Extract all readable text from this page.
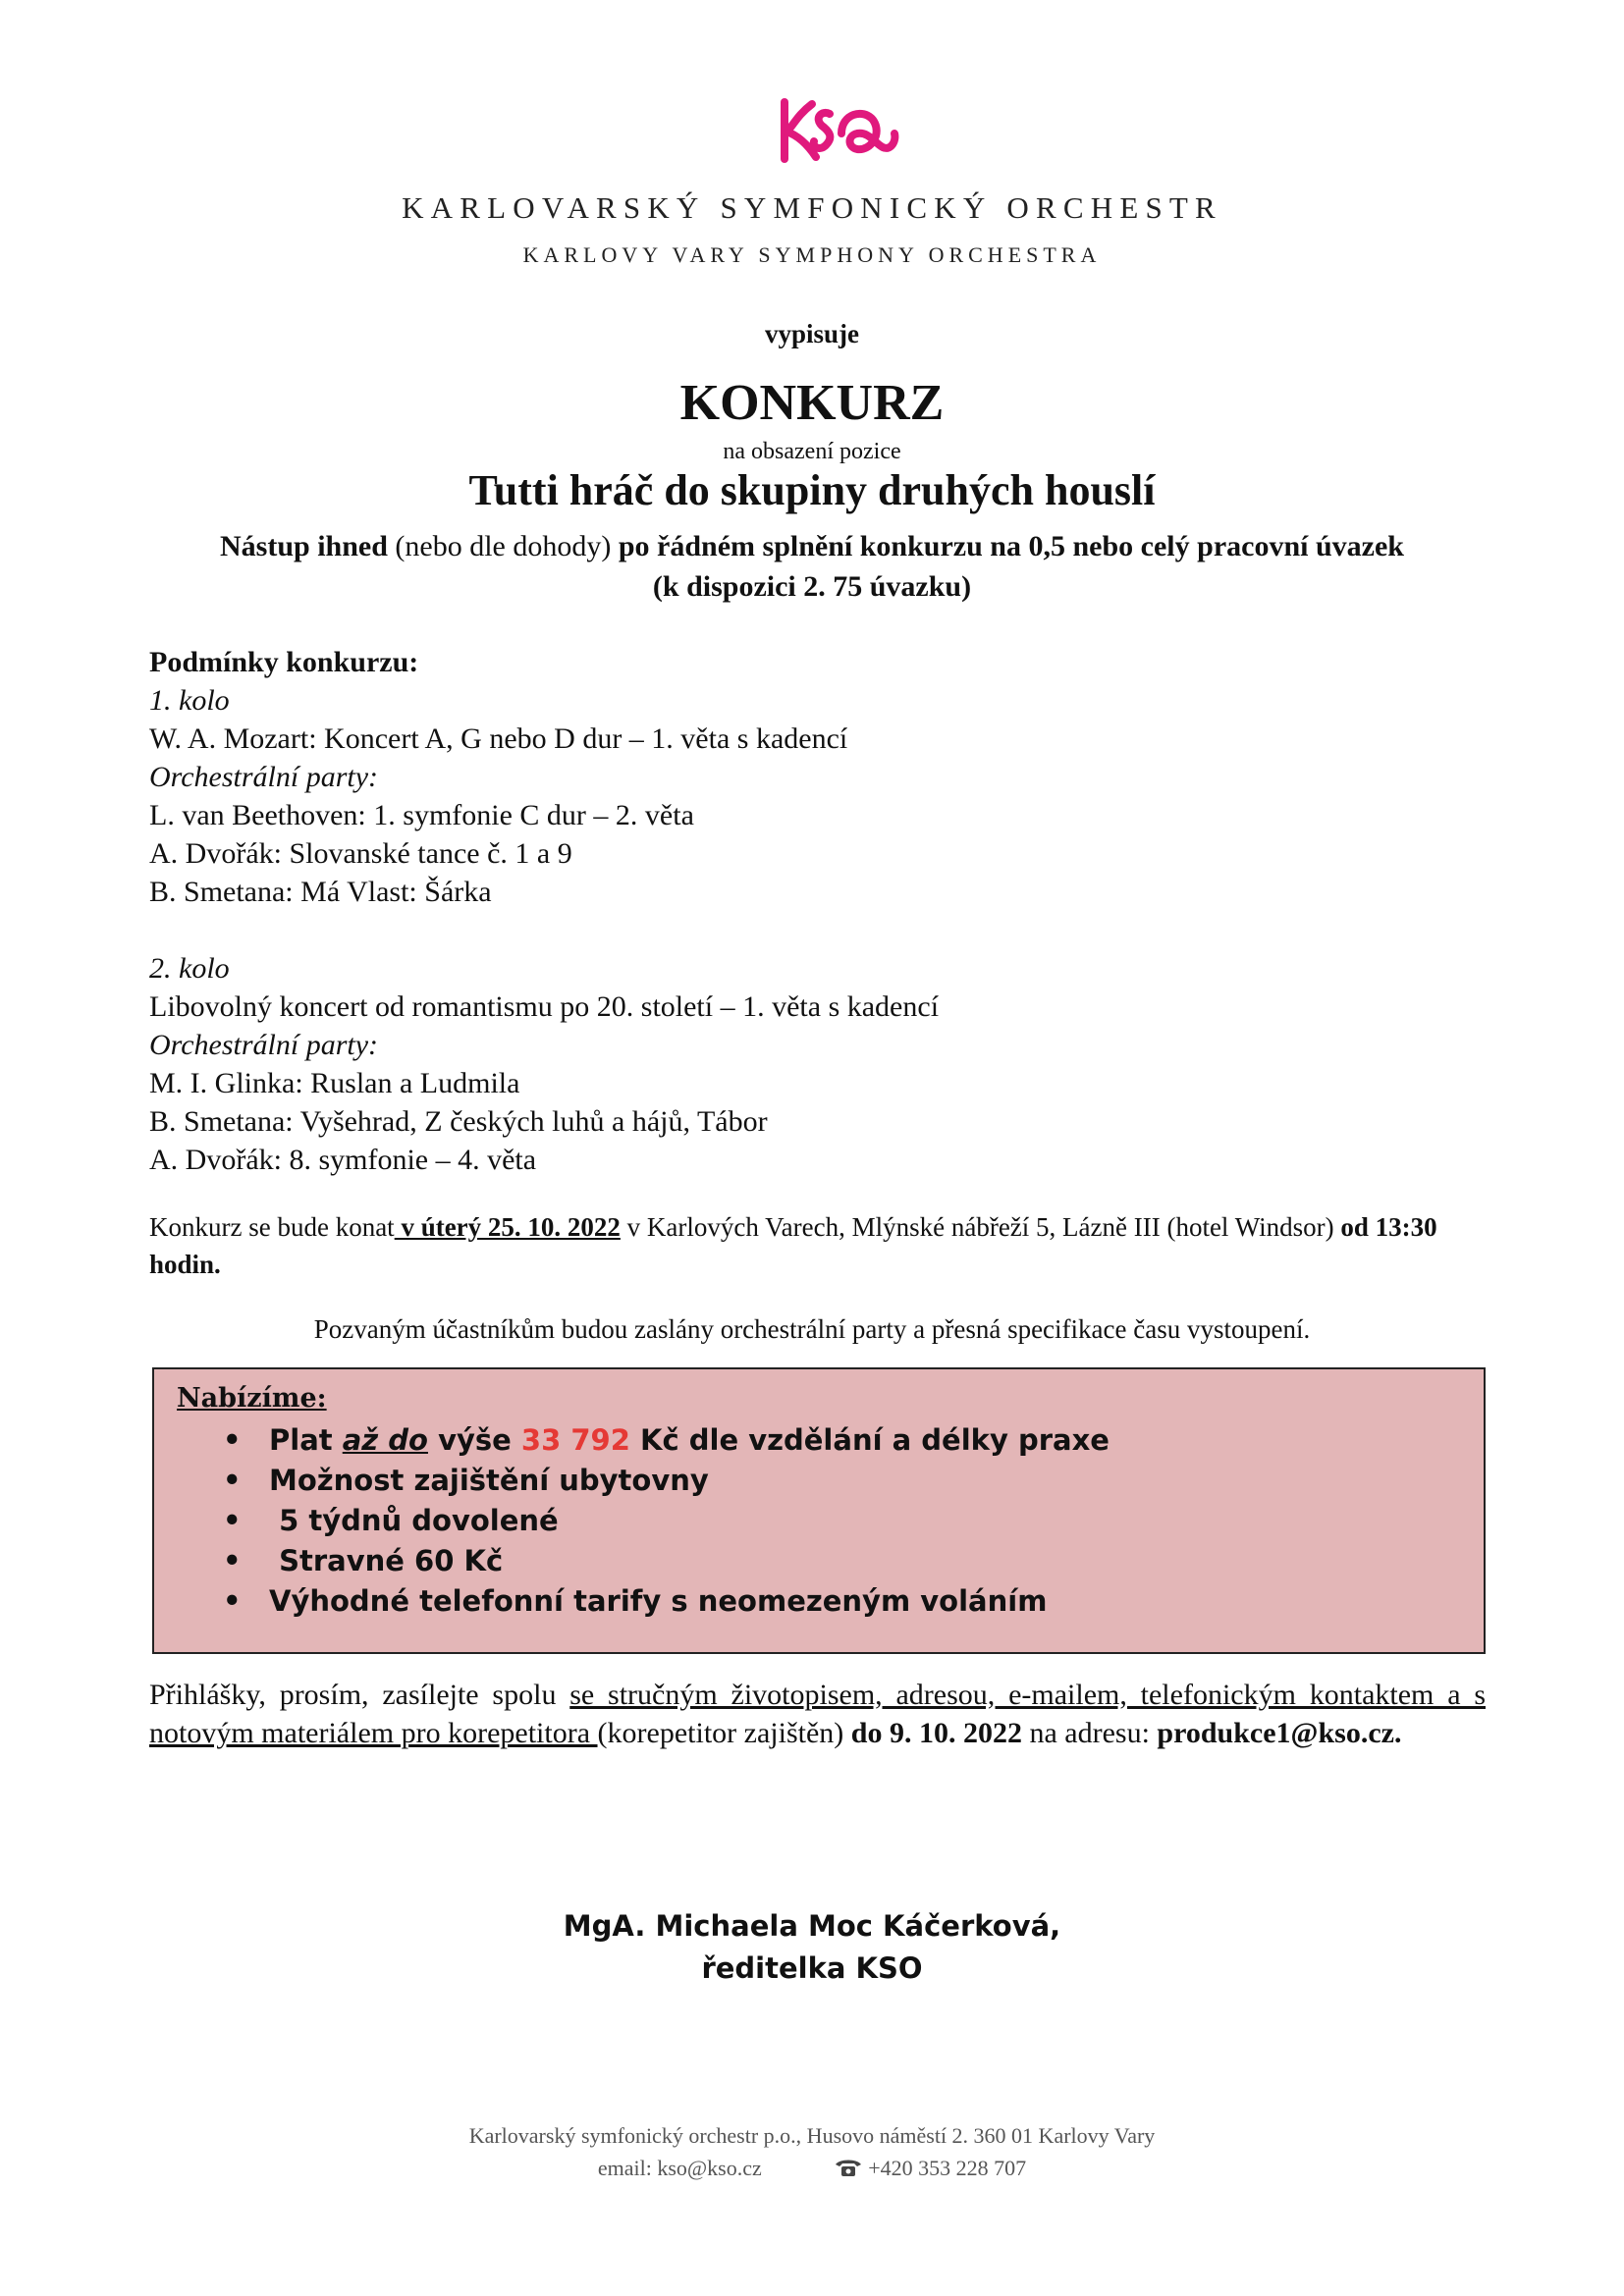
KARLOVARSKÝ SYMFONICKÝ ORCHESTR
KARLOVY VARY SYMPHONY ORCHESTRA
vypisuje
KONKURZ
na obsazení pozice
Tutti hráč do skupiny druhých houslí
Nástup ihned (nebo dle dohody) po řádném splnění konkurzu na 0,5 nebo celý pracovní úvazek
(k dispozici 2. 75 úvazku)
Podmínky konkurzu:
1. kolo
W. A. Mozart: Koncert A, G nebo D dur – 1. věta s kadencí
Orchestrální party:
L. van Beethoven: 1. symfonie C dur – 2. věta
A. Dvořák: Slovanské tance č. 1 a 9
B. Smetana: Má Vlast: Šárka
2. kolo
Libovolný koncert od romantismu po 20. století – 1. věta s kadencí
Orchestrální party:
M. I. Glinka: Ruslan a Ludmila
B. Smetana: Vyšehrad, Z českých luhů a hájů, Tábor
A. Dvořák: 8. symfonie – 4. věta
Konkurz se bude konat v úterý 25. 10. 2022 v Karlových Varech, Mlýnské nábřeží 5, Lázně III (hotel Windsor) od 13:30 hodin.
Pozvaným účastníkům budou zaslány orchestrální party a přesná specifikace času vystoupení.
Nabízíme:
• Plat až do výše 33 792 Kč dle vzdělání a délky praxe
• Možnost zajištění ubytovny
• 5 týdnů dovolené
• Stravné 60 Kč
• Výhodné telefonní tarify s neomezeným voláním
Přihlášky, prosím, zasílejte spolu se stručným životopisem, adresou, e-mailem, telefonickým kontaktem a s notovým materiálem pro korepetitora (korepetitor zajištěn) do 9. 10. 2022 na adresu: produkce1@kso.cz.
MgA. Michaela Moc Káčerková,
ředitelka KSO
Karlovarský symfonický orchestr p.o., Husovo náměstí 2. 360 01 Karlovy Vary
email: kso@kso.cz	+420 353 228 707
